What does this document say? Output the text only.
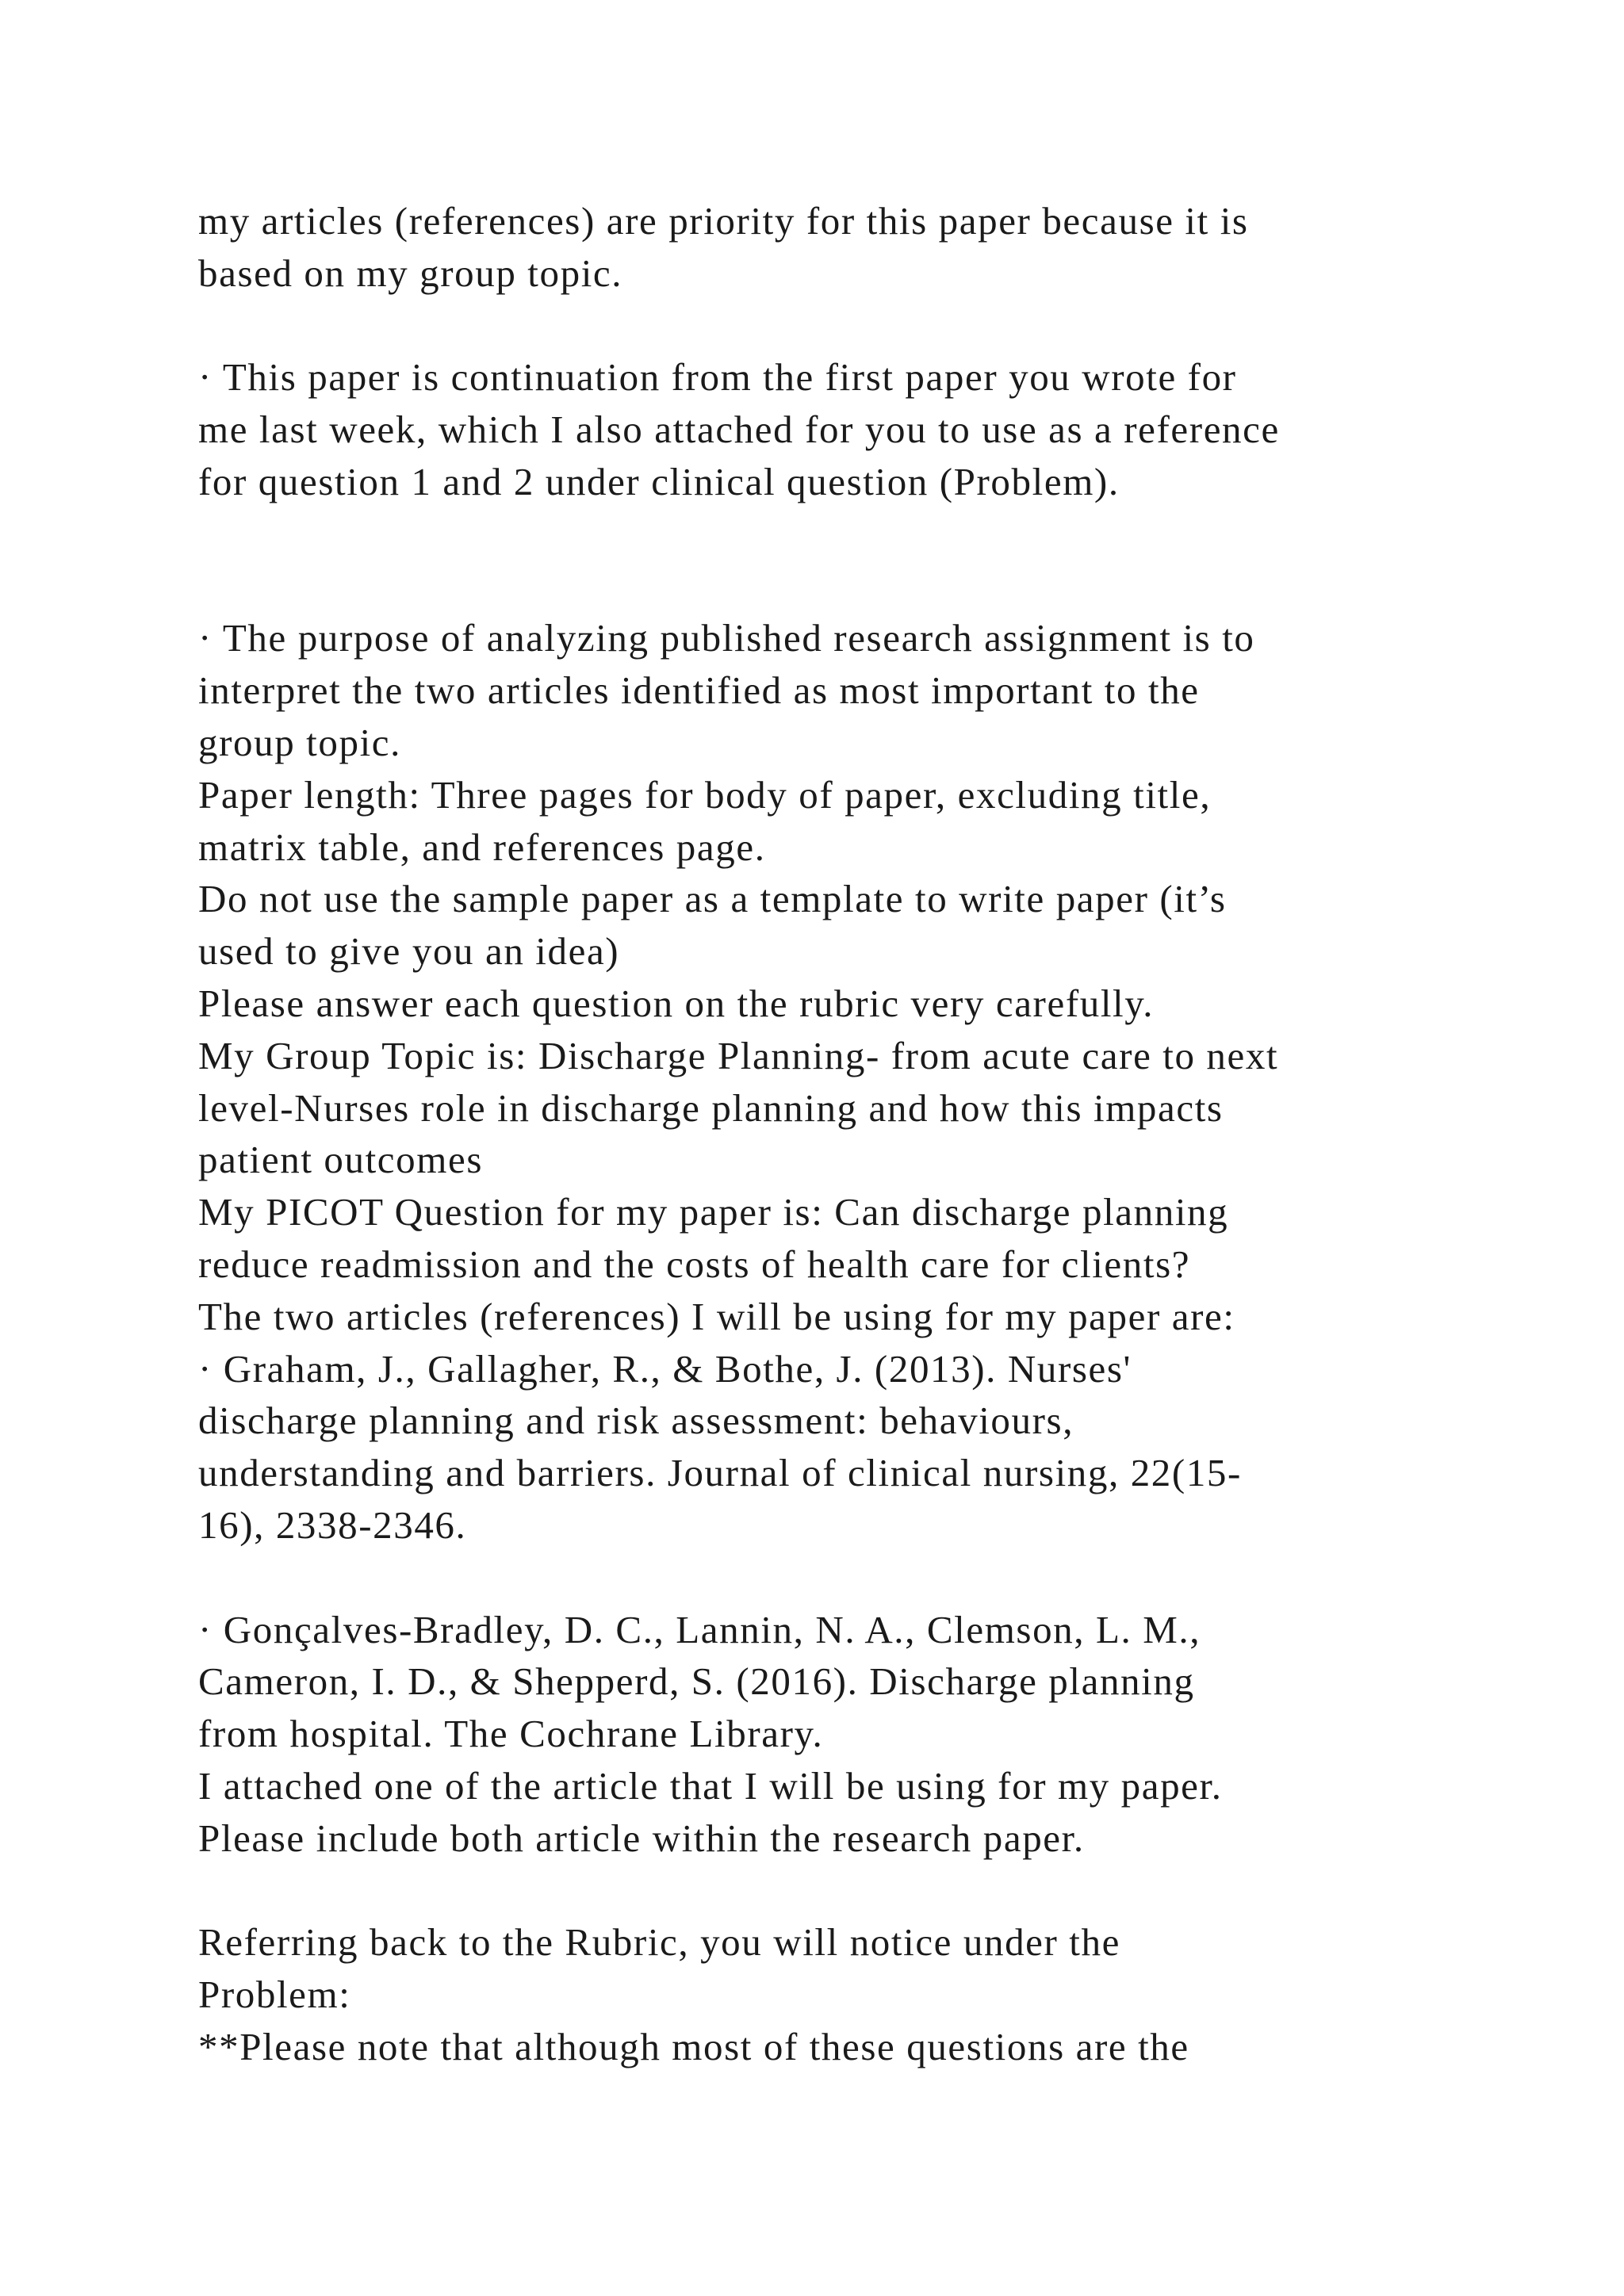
my articles (references) are priority for this paper because it is
based on my group topic.
· This paper is continuation from the first paper you wrote for
me last week, which I also attached for you to use as a reference
for question 1 and 2 under clinical question (Problem).
· The purpose of analyzing published research assignment is to
interpret the two articles identified as most important to the
group topic.
Paper length: Three pages for body of paper, excluding title,
matrix table, and references page.
Do not use the sample paper as a template to write paper (it’s
used to give you an idea)
Please answer each question on the rubric very carefully.
My Group Topic is: Discharge Planning- from acute care to next
level-Nurses role in discharge planning and how this impacts
patient outcomes
My PICOT Question for my paper is: Can discharge planning
reduce readmission and the costs of health care for clients?
The two articles (references) I will be using for my paper are:
· Graham, J., Gallagher, R., & Bothe, J. (2013). Nurses'
discharge planning and risk assessment: behaviours,
understanding and barriers. Journal of clinical nursing, 22(15-
16), 2338-2346.
· Gonçalves-Bradley, D. C., Lannin, N. A., Clemson, L. M.,
Cameron, I. D., & Shepperd, S. (2016). Discharge planning
from hospital. The Cochrane Library.
I attached one of the article that I will be using for my paper.
Please include both article within the research paper.
Referring back to the Rubric, you will notice under the
Problem:
**Please note that although most of these questions are the
